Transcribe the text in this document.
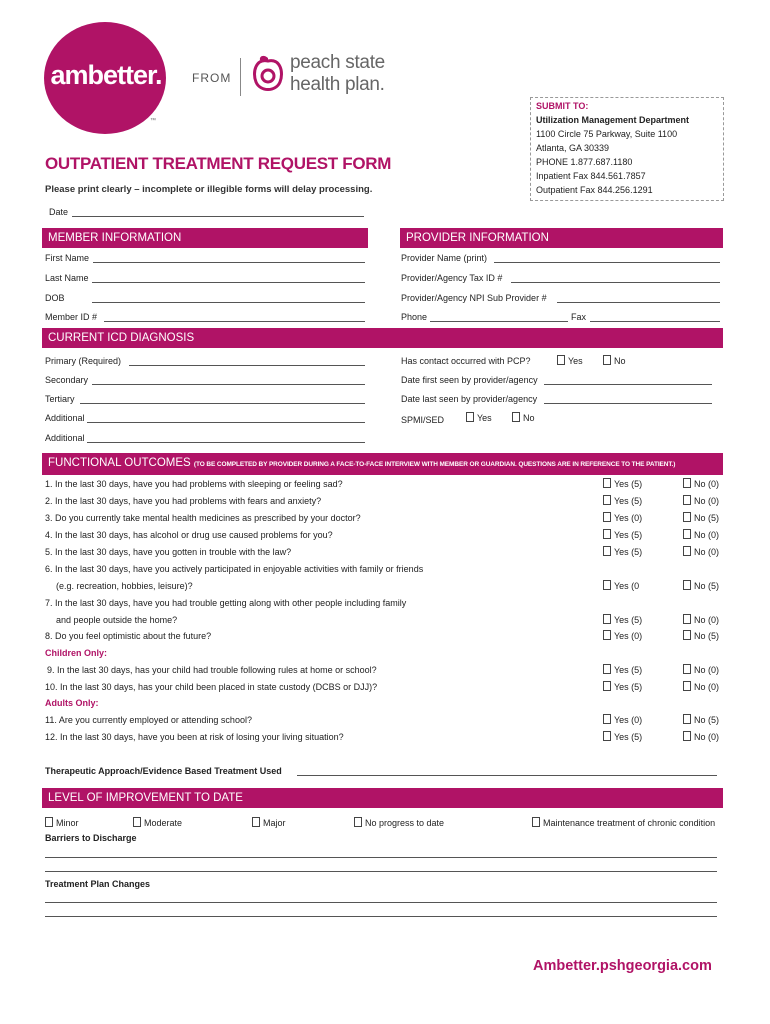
ambetter.
™
FROM
peach state
health plan.
SUBMIT TO:
Utilization Management Department
1100 Circle 75 Parkway, Suite 1100
Atlanta, GA 30339
PHONE 1.877.687.1180
Inpatient Fax 844.561.7857
Outpatient Fax 844.256.1291
OUTPATIENT TREATMENT REQUEST FORM
Please print clearly – incomplete or illegible forms will delay processing.
Date
MEMBER INFORMATION	PROVIDER INFORMATION
First Name
Last Name
DOB
Member ID #
Provider Name (print)
Provider/Agency Tax ID #
Provider/Agency NPI Sub Provider #
Phone	Fax
CURRENT ICD DIAGNOSIS
Primary (Required)
Secondary
Tertiary
Additional
Additional
Has contact occurred with PCP?	Yes	No
Date first seen by provider/agency
Date last seen by provider/agency
SPMI/SED	Yes	No
FUNCTIONAL OUTCOMES (TO BE COMPLETED BY PROVIDER DURING A FACE-TO-FACE INTERVIEW WITH MEMBER OR GUARDIAN. QUESTIONS ARE IN REFERENCE TO THE PATIENT.)
1. In the last 30 days, have you had problems with sleeping or feeling sad?	Yes (5)	No (0)
2. In the last 30 days, have you had problems with fears and anxiety?	Yes (5)	No (0)
3. Do you currently take mental health medicines as prescribed by your doctor?	Yes (0)	No (5)
4. In the last 30 days, has alcohol or drug use caused problems for you?	Yes (5)	No (0)
5. In the last 30 days, have you gotten in trouble with the law?	Yes (5)	No (0)
6. In the last 30 days, have you actively participated in enjoyable activities with family or friends
(e.g. recreation, hobbies, leisure)?	Yes (0	No (5)
7. In the last 30 days, have you had trouble getting along with other people including family
and people outside the home?	Yes (5)	No (0)
8. Do you feel optimistic about the future?	Yes (0)	No (5)
Children Only:
9. In the last 30 days, has your child had trouble following rules at home or school?	Yes (5)	No (0)
10. In the last 30 days, has your child been placed in state custody (DCBS or DJJ)?	Yes (5)	No (0)
Adults Only:
11. Are you currently employed or attending school?	Yes (0)	No (5)
12. In the last 30 days, have you been at risk of losing your living situation?	Yes (5)	No (0)
Therapeutic Approach/Evidence Based Treatment Used
LEVEL OF IMPROVEMENT TO DATE
Minor	Moderate	Major	No progress to date	Maintenance treatment of chronic condition
Barriers to Discharge
Treatment Plan Changes
Ambetter.pshgeorgia.com
